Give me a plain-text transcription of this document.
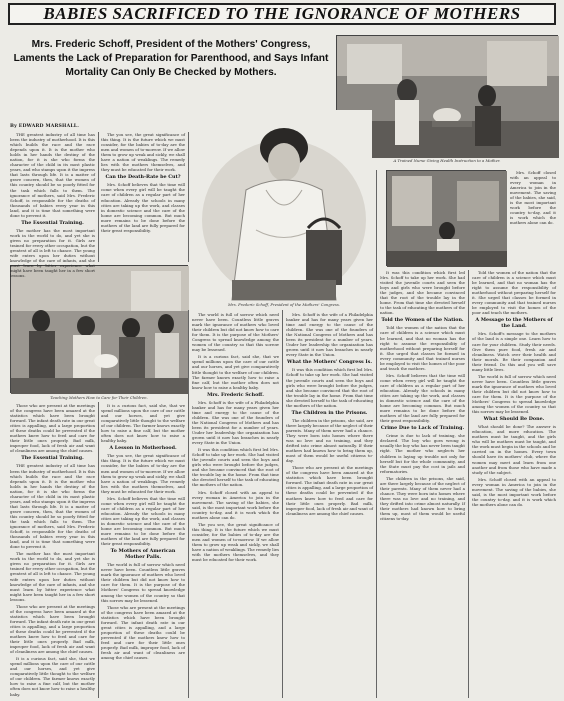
BABIES SACRIFICED TO THE IGNORANCE OF MOTHERS
Mrs. Frederic Schoff, President of the Mothers' Congress, Laments the Lack of Preparation for Parenthood, and Says Infant Mortality Can Only Be Checked by Mothers.
By EDWARD MARSHALL.
A Trained Nurse Giving Health Instruction to a Mother.
Mrs. Frederic Schoff, President of the Mothers' Congress.
Teaching Mothers How to Care for Their Children.

THE greatest industry of all time has been the industry of motherhood. It is this which builds the race and the race depends upon it. It is the mother who holds in her hands the destiny of the nation, for it is she who forms the character of the child in its most plastic years, and who stamps upon it the impress that lasts through life. It is a matter of grave concern, then, that the women of this country should be so poorly fitted for the task which falls to them. The ignorance of mothers, said Mrs. Frederic Schoff, is responsible for the deaths of thousands of babies every year in this land, and it is time that something were done to prevent it.

The Essential Training.

The mother has the most important work in the world to do, and yet she is given no preparation for it. Girls are trained for every other occupation, but the greatest of all is left to chance. The young wife enters upon her duties without knowledge of the care of infants, and she must learn by bitter experience what might have been taught her in a few short lessons.

The you see, the great significance of this thing. It is the future which we must consider, for the babies of to-day are the men and women of to-morrow. If we allow them to grow up weak and sickly, we shall have a nation of weaklings. The remedy lies with the mothers themselves, and they must be educated for their work.

Can the Death-Rate be Cut?

Mrs. Schoff believes that the time will come when every girl will be taught the care of children as a regular part of her education. Already the schools in many cities are taking up the work, and classes in domestic science and the care of the home are becoming common. But much more remains to be done before the mothers of the land are fully prepared for their great responsibility.

Those who are present at the meetings of the congress have been amazed at the statistics which have been brought forward. The infant death rate in our great cities is appalling, and a large proportion of these deaths could be prevented if the mothers knew how to feed and care for their little ones properly. Bad milk, improper food, lack of fresh air and want of cleanliness are among the chief causes.

The Essential Training.

THE greatest industry of all time has been the industry of motherhood. It is this which builds the race and the race depends upon it. It is the mother who holds in her hands the destiny of the nation, for it is she who forms the character of the child in its most plastic years, and who stamps upon it the impress that lasts through life. It is a matter of grave concern, then, that the women of this country should be so poorly fitted for the task which falls to them. The ignorance of mothers, said Mrs. Frederic Schoff, is responsible for the deaths of thousands of babies every year in this land, and it is time that something were done to prevent it.

The mother has the most important work in the world to do, and yet she is given no preparation for it. Girls are trained for every other occupation, but the greatest of all is left to chance. The young wife enters upon her duties without knowledge of the care of infants, and she must learn by bitter experience what might have been taught her in a few short lessons.

Those who are present at the meetings of the congress have been amazed at the statistics which have been brought forward. The infant death rate in our great cities is appalling, and a large proportion of these deaths could be prevented if the mothers knew how to feed and care for their little ones properly. Bad milk, improper food, lack of fresh air and want of cleanliness are among the chief causes.

It is a curious fact, said she, that we spend millions upon the care of our cattle and our horses, and yet give comparatively little thought to the welfare of our children. The farmer knows exactly how to raise a fine calf, but the mother often does not know how to raise a healthy baby.

It is a curious fact, said she, that we spend millions upon the care of our cattle and our horses, and yet give comparatively little thought to the welfare of our children. The farmer knows exactly how to raise a fine calf, but the mother often does not know how to raise a healthy baby.

A Lesson in Motherhood.

The you see, the great significance of this thing. It is the future which we must consider, for the babies of to-day are the men and women of to-morrow. If we allow them to grow up weak and sickly, we shall have a nation of weaklings. The remedy lies with the mothers themselves, and they must be educated for their work.

Mrs. Schoff believes that the time will come when every girl will be taught the care of children as a regular part of her education. Already the schools in many cities are taking up the work, and classes in domestic science and the care of the home are becoming common. But much more remains to be done before the mothers of the land are fully prepared for their great responsibility.

To Mothers of American Mother Palls.

The world is full of sorrow which need never have been. Countless little graves mark the ignorance of mothers who loved their children but did not know how to care for them. It is the purpose of the Mothers' Congress to spread knowledge among the women of the country so that this sorrow may be lessened.

Those who are present at the meetings of the congress have been amazed at the statistics which have been brought forward. The infant death rate in our great cities is appalling, and a large proportion of these deaths could be prevented if the mothers knew how to feed and care for their little ones properly. Bad milk, improper food, lack of fresh air and want of cleanliness are among the chief causes.

The world is full of sorrow which need never have been. Countless little graves mark the ignorance of mothers who loved their children but did not know how to care for them. It is the purpose of the Mothers' Congress to spread knowledge among the women of the country so that this sorrow may be lessened.

It is a curious fact, said she, that we spend millions upon the care of our cattle and our horses, and yet give comparatively little thought to the welfare of our children. The farmer knows exactly how to raise a fine calf, but the mother often does not know how to raise a healthy baby.

Mrs. Frederic Schoff.

Mrs. Schoff is the wife of a Philadelphia banker and has for many years given her time and energy to the cause of the children. She was one of the founders of the National Congress of Mothers and has been its president for a number of years. Under her leadership the organization has grown until it now has branches in nearly every State in the Union.

It was this condition which first led Mrs. Schoff to take up her work. She had visited the juvenile courts and seen the boys and girls who were brought before the judges, and she became convinced that the root of the trouble lay in the home. From that time she devoted herself to the task of educating the mothers of the nation.

Mrs. Schoff closed with an appeal to every woman in America to join in the movement. The saving of the babies, she said, is the most important work before the country to-day, and it is work which the mothers alone can do.

The you see, the great significance of this thing. It is the future which we must consider, for the babies of to-day are the men and women of to-morrow. If we allow them to grow up weak and sickly, we shall have a nation of weaklings. The remedy lies with the mothers themselves, and they must be educated for their work.

Mrs. Schoff is the wife of a Philadelphia banker and has for many years given her time and energy to the cause of the children. She was one of the founders of the National Congress of Mothers and has been its president for a number of years. Under her leadership the organization has grown until it now has branches in nearly every State in the Union.

What the Mothers' Congress Is.

It was this condition which first led Mrs. Schoff to take up her work. She had visited the juvenile courts and seen the boys and girls who were brought before the judges, and she became convinced that the root of the trouble lay in the home. From that time she devoted herself to the task of educating the mothers of the nation.

The Children in the Prisons.

The children in the prisons, she said, are there largely because of the neglect of their parents. Many of them never had a chance. They were born into homes where there was no love and no training, and they drifted into crime almost naturally. If their mothers had known how to bring them up, most of them would be useful citizens to-day.

Those who are present at the meetings of the congress have been amazed at the statistics which have been brought forward. The infant death rate in our great cities is appalling, and a large proportion of these deaths could be prevented if the mothers knew how to feed and care for their little ones properly. Bad milk, improper food, lack of fresh air and want of cleanliness are among the chief causes.

It was this condition which first led Mrs. Schoff to take up her work. She had visited the juvenile courts and seen the boys and girls who were brought before the judges, and she became convinced that the root of the trouble lay in the home. From that time she devoted herself to the task of educating the mothers of the nation.

Told the Women of the Nation.

Told the women of the nation that the care of children is a science which must be learned, and that no woman has the right to assume the responsibility of motherhood without preparing herself for it. She urged that classes be formed in every community and that trained nurses be employed to visit the homes of the poor and teach the mothers.

Mrs. Schoff believes that the time will come when every girl will be taught the care of children as a regular part of her education. Already the schools in many cities are taking up the work, and classes in domestic science and the care of the home are becoming common. But much more remains to be done before the mothers of the land are fully prepared for their great responsibility.

Crime Due to Lack of Training.

Crime is due to lack of training, she declared. The boy who goes wrong is usually the boy who has never been taught right. The mother who neglects her children is laying up trouble not only for herself but for the whole community, and the State must pay the cost in jails and reformatories.

The children in the prisons, she said, are there largely because of the neglect of their parents. Many of them never had a chance. They were born into homes where there was no love and no training, and they drifted into crime almost naturally. If their mothers had known how to bring them up, most of them would be useful citizens to-day.

Told the women of the nation that the care of children is a science which must be learned, and that no woman has the right to assume the responsibility of motherhood without preparing herself for it. She urged that classes be formed in every community and that trained nurses be employed to visit the homes of the poor and teach the mothers.

A Message to the Mothers of the Land.

Mrs. Schoff's message to the mothers of the land is a simple one. Learn how to care for your children. Study their needs. Give them pure food, fresh air and cleanliness. Watch over their health and their morals. Be their companion and their friend. Do this and you will save many little lives.

The world is full of sorrow which need never have been. Countless little graves mark the ignorance of mothers who loved their children but did not know how to care for them. It is the purpose of the Mothers' Congress to spread knowledge among the women of the country so that this sorrow may be lessened.

What Should Be Done.

What should be done? The answer is education, and more education. The mothers must be taught, and the girls who will be mothers must be taught, and the work must begin in the schools and be carried on in the homes. Every town should have its mothers' club, where the women may meet and learn from one another and from those who have made a study of the subject.

Mrs. Schoff closed with an appeal to every woman in America to join in the movement. The saving of the babies, she said, is the most important work before the country to-day, and it is work which the mothers alone can do.

Mrs. Schoff closed with an appeal to every woman in America to join in the movement. The saving of the babies, she said, is the most important work before the country to-day, and it is work which the mothers alone can do.
